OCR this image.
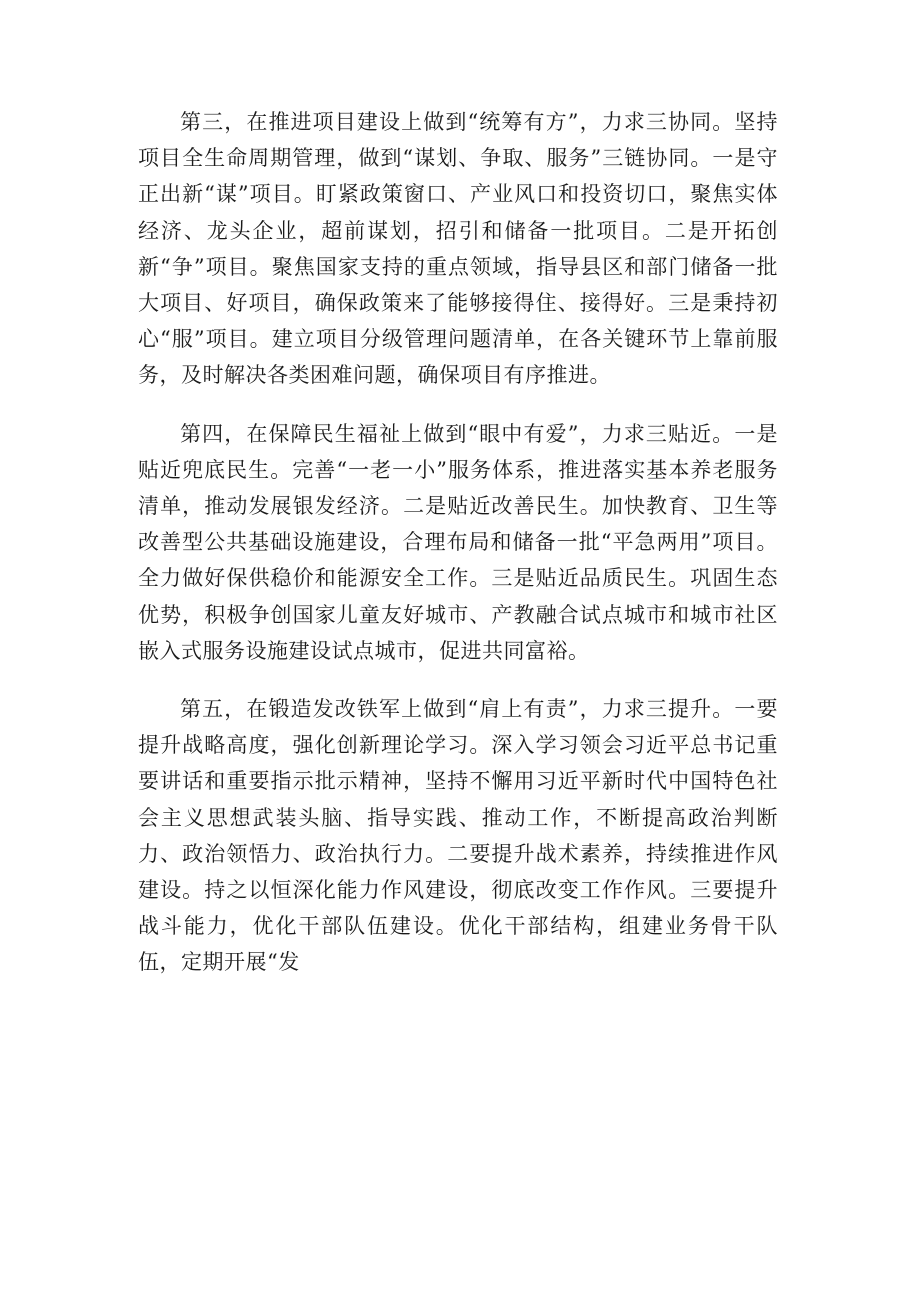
第三，在推进项目建设上做到“统筹有方”，力求三协同。坚持项目全生命周期管理，做到“谋划、争取、服务”三链协同。一是守正出新“谋”项目。盯紧政策窗口、产业风口和投资切口，聚焦实体经济、龙头企业，超前谋划，招引和储备一批项目。二是开拓创新“争”项目。聚焦国家支持的重点领域，指导县区和部门储备一批大项目、好项目，确保政策来了能够接得住、接得好。三是秉持初心“服”项目。建立项目分级管理问题清单，在各关键环节上靠前服务，及时解决各类困难问题，确保项目有序推进。

第四，在保障民生福祉上做到“眼中有爱”，力求三贴近。一是贴近兜底民生。完善“一老一小”服务体系，推进落实基本养老服务清单，推动发展银发经济。二是贴近改善民生。加快教育、卫生等改善型公共基础设施建设，合理布局和储备一批“平急两用”项目。全力做好保供稳价和能源安全工作。三是贴近品质民生。巩固生态优势，积极争创国家儿童友好城市、产教融合试点城市和城市社区嵌入式服务设施建设试点城市，促进共同富裕。

第五，在锻造发改铁军上做到“肩上有责”，力求三提升。一要提升战略高度，强化创新理论学习。深入学习领会习近平总书记重要讲话和重要指示批示精神，坚持不懈用习近平新时代中国特色社会主义思想武装头脑、指导实践、推动工作，不断提高政治判断力、政治领悟力、政治执行力。二要提升战术素养，持续推进作风建设。持之以恒深化能力作风建设，彻底改变工作作风。三要提升战斗能力，优化干部队伍建设。优化干部结构，组建业务骨干队伍，定期开展“发
